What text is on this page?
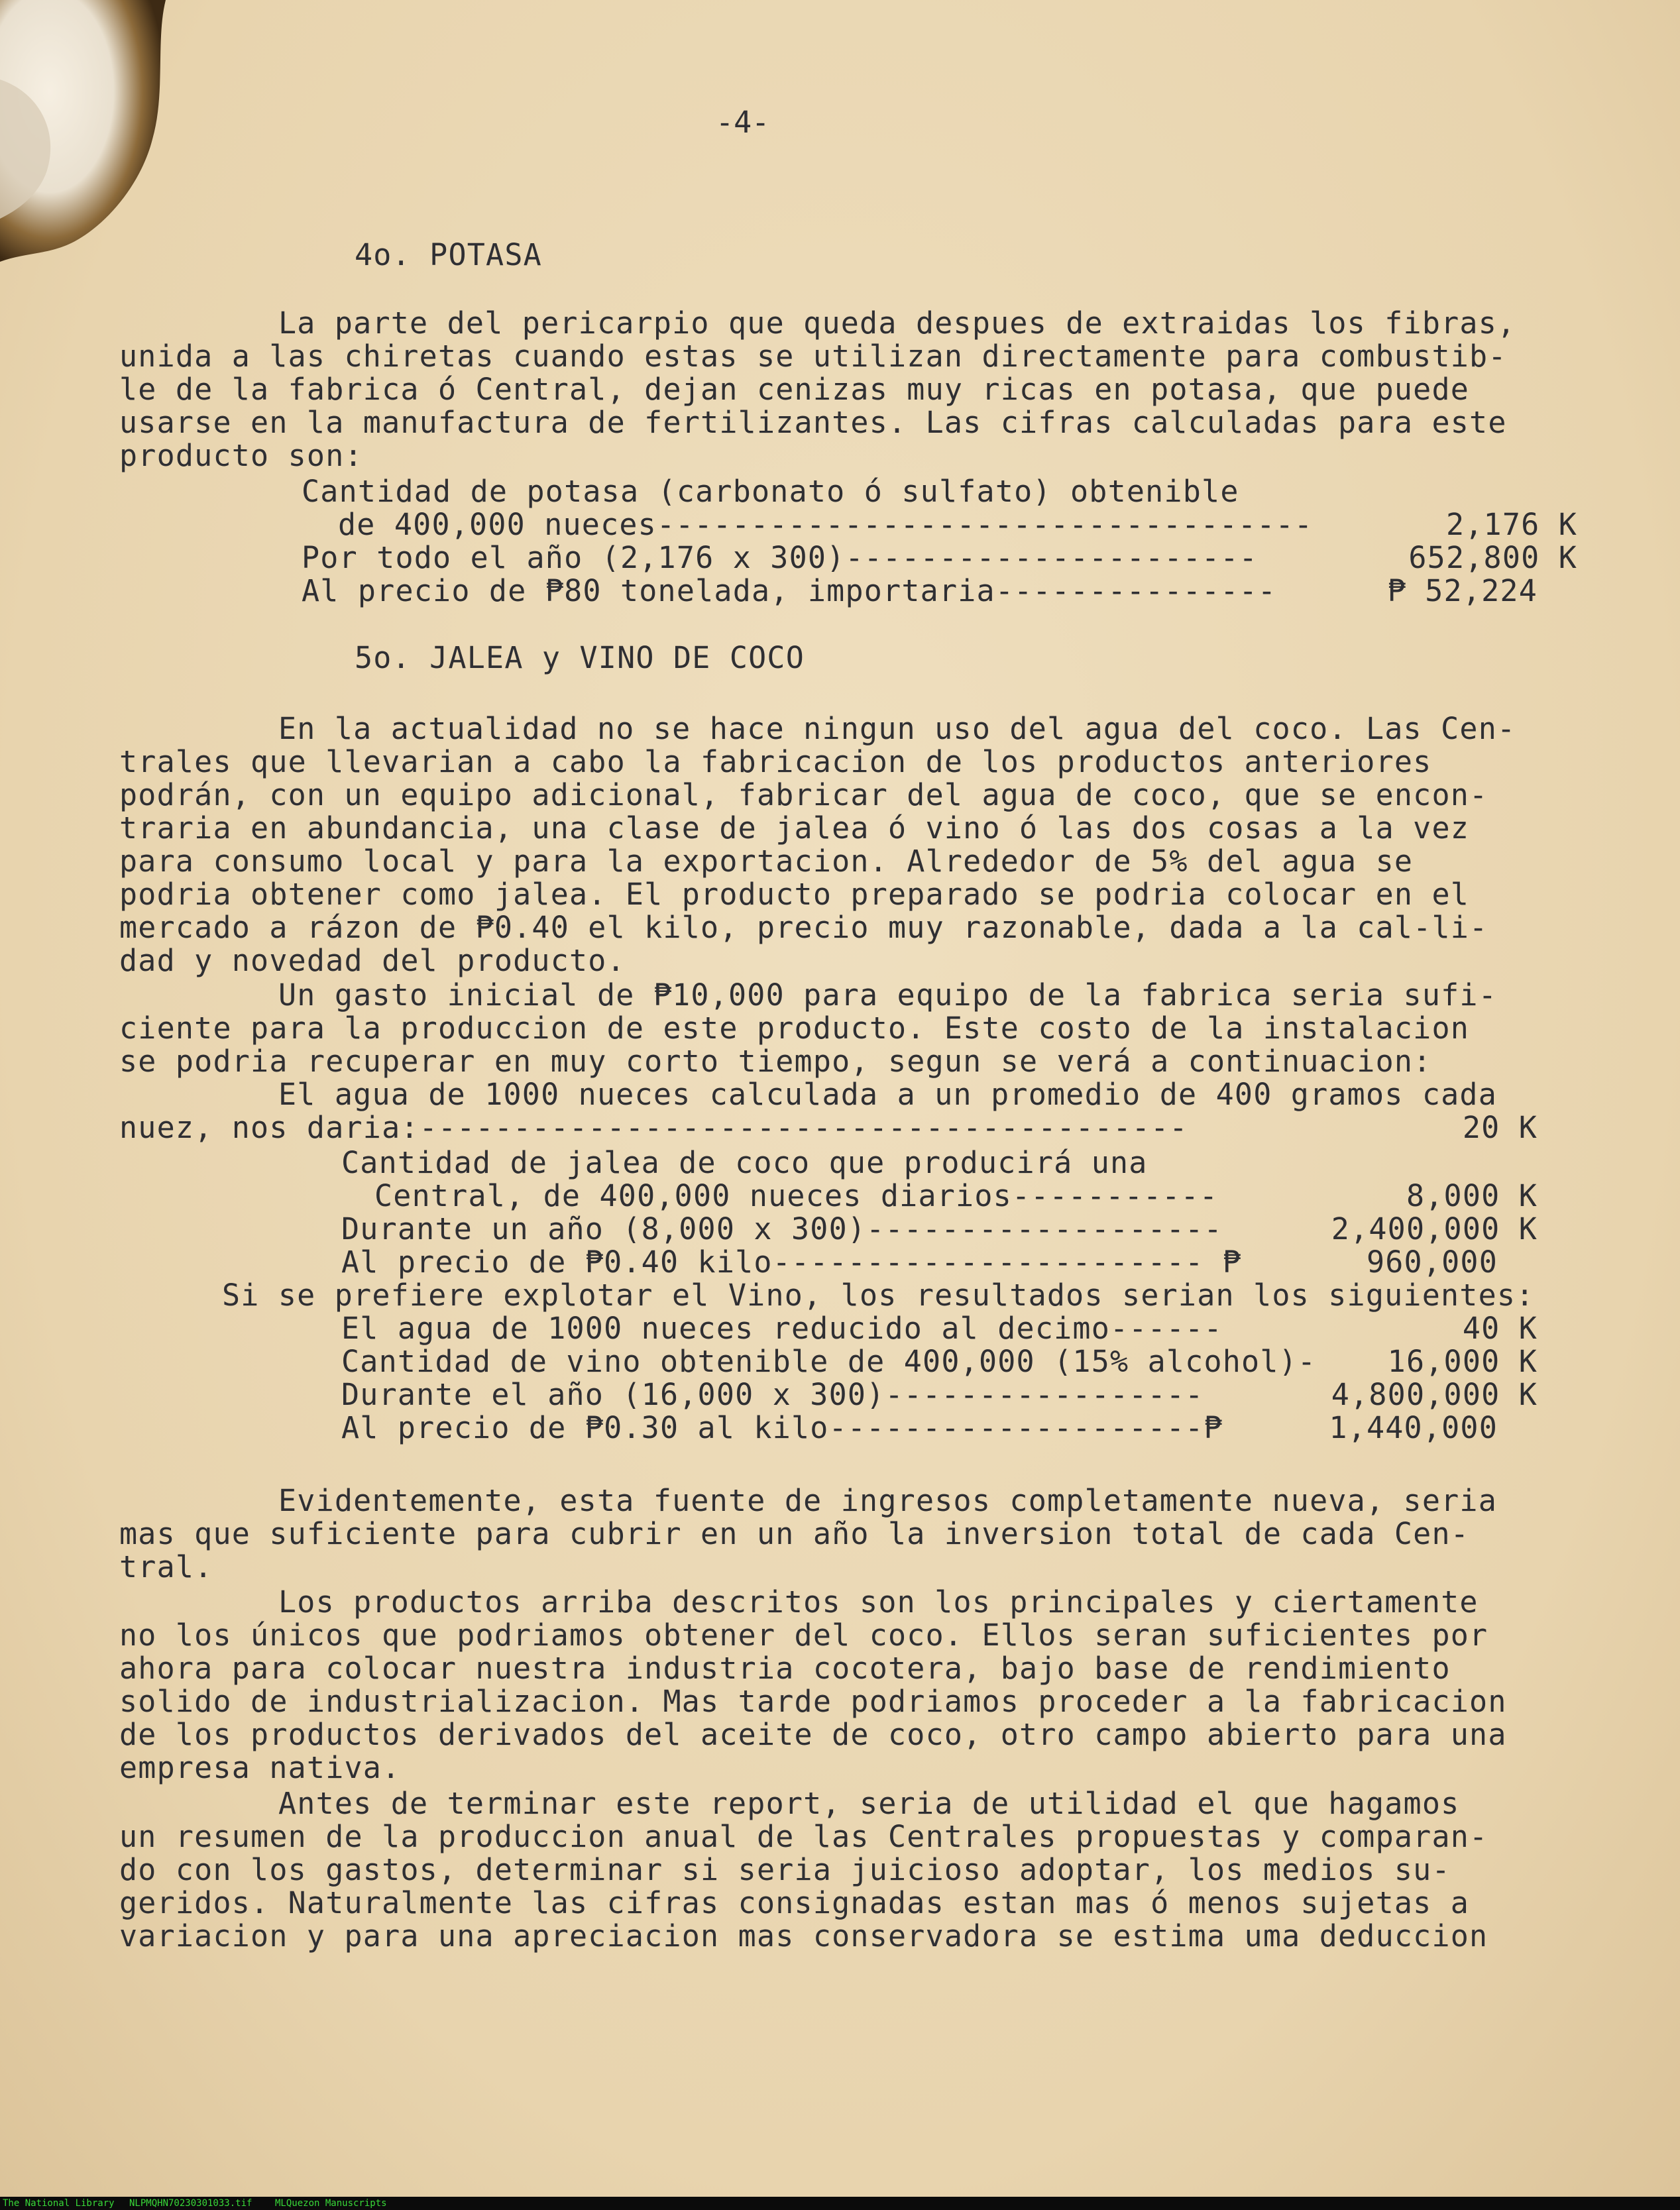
-4-
4o. POTASA
La parte del pericarpio que queda despues de extraidas los fibras,
unida a las chiretas cuando estas se utilizan directamente para combustib-
le de la fabrica ó Central, dejan cenizas muy ricas en potasa, que puede
usarse en la manufactura de fertilizantes. Las cifras calculadas para este
producto son:
Cantidad de potasa (carbonato ó sulfato) obtenible
de 400,000 nueces-----------------------------------	2,176 K
Por todo el año (2,176 x 300)----------------------	652,800 K
Al precio de ₱80 tonelada, importaria---------------	₱ 52,224
5o. JALEA y VINO DE COCO
En la actualidad no se hace ningun uso del agua del coco. Las Cen-
trales que llevarian a cabo la fabricacion de los productos anteriores
podrán, con un equipo adicional, fabricar del agua de coco, que se encon-
traria en abundancia, una clase de jalea ó vino ó las dos cosas a la vez
para consumo local y para la exportacion. Alrededor de 5% del agua se
podria obtener como jalea. El producto preparado se podria colocar en el
mercado a rázon de ₱0.40 el kilo, precio muy razonable, dada a la cal-li-
dad y novedad del producto.
Un gasto inicial de ₱10,000 para equipo de la fabrica seria sufi-
ciente para la produccion de este producto. Este costo de la instalacion
se podria recuperar en muy corto tiempo, segun se verá a continuacion:
El agua de 1000 nueces calculada a un promedio de 400 gramos cada
nuez, nos daria:-----------------------------------------	20 K
Cantidad de jalea de coco que producirá una
Central, de 400,000 nueces diarios-----------	8,000 K
Durante un año (8,000 x 300)-------------------	2,400,000 K
Al precio de ₱0.40 kilo----------------------- ₱	960,000
Si se prefiere explotar el Vino, los resultados serian los siguientes:
El agua de 1000 nueces reducido al decimo------	40 K
Cantidad de vino obtenible de 400,000 (15% alcohol)- 16,000 K
Durante el año (16,000 x 300)-----------------	4,800,000 K
Al precio de ₱0.30 al kilo--------------------₱	1,440,000
Evidentemente, esta fuente de ingresos completamente nueva, seria
mas que suficiente para cubrir en un año la inversion total de cada Cen-
tral.
Los productos arriba descritos son los principales y ciertamente
no los únicos que podriamos obtener del coco. Ellos seran suficientes por
ahora para colocar nuestra industria cocotera, bajo base de rendimiento
solido de industrializacion. Mas tarde podriamos proceder a la fabricacion
de los productos derivados del aceite de coco, otro campo abierto para una
empresa nativa.
Antes de terminar este report, seria de utilidad el que hagamos
un resumen de la produccion anual de las Centrales propuestas y comparan-
do con los gastos, determinar si seria juicioso adoptar, los medios su-
geridos. Naturalmente las cifras consignadas estan mas ó menos sujetas a
variacion y para una apreciacion mas conservadora se estima uma deduccion
The National Library NLPMQHN70230301033.tif MLQuezon Manuscripts
